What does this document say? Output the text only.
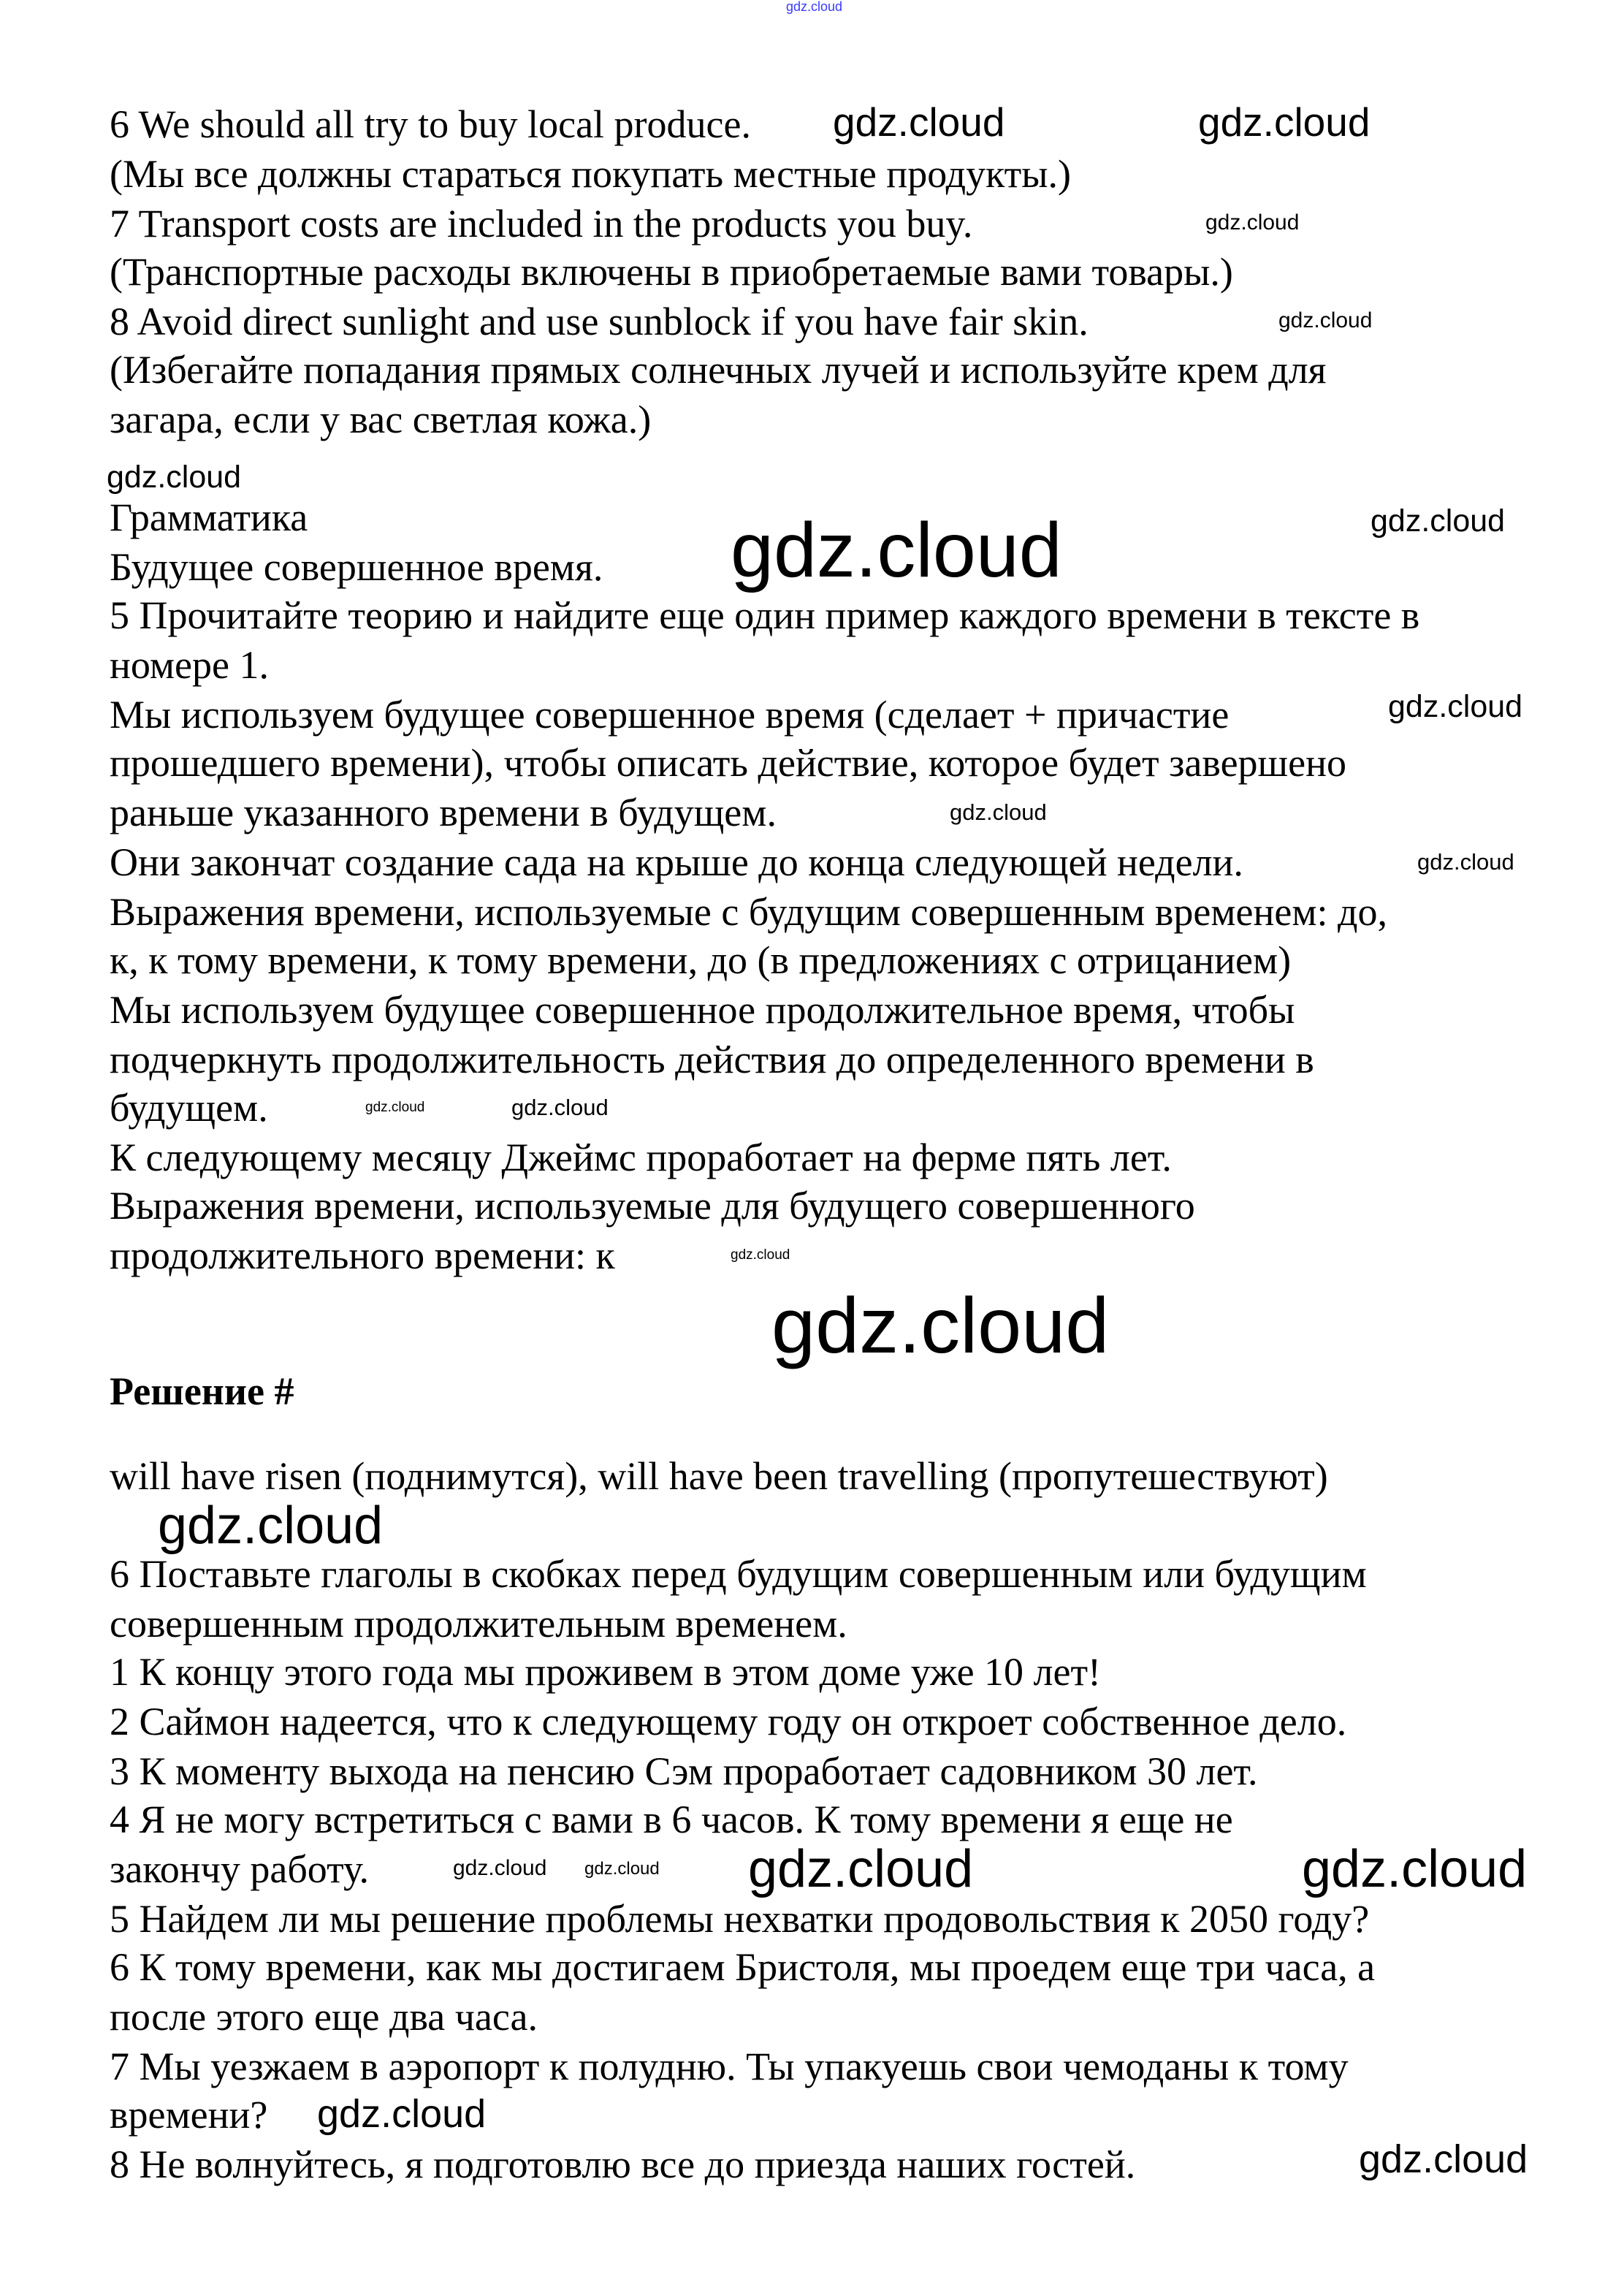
6 We should all try to buy local produce.
(Мы все должны стараться покупать местные продукты.)
7 Transport costs are included in the products you buy.
(Транспортные расходы включены в приобретаемые вами товары.)
8 Avoid direct sunlight and use sunblock if you have fair skin.
(Избегайте попадания прямых солнечных лучей и используйте крем для
загара, если у вас светлая кожа.)
Грамматика
Будущее совершенное время.
5 Прочитайте теорию и найдите еще один пример каждого времени в тексте в
номере 1.
Мы используем будущее совершенное время (сделает + причастие
прошедшего времени), чтобы описать действие, которое будет завершено
раньше указанного времени в будущем.
Они закончат создание сада на крыше до конца следующей недели.
Выражения времени, используемые с будущим совершенным временем: до,
к, к тому времени, к тому времени, до (в предложениях с отрицанием)
Мы используем будущее совершенное продолжительное время, чтобы
подчеркнуть продолжительность действия до определенного времени в
будущем.
К следующему месяцу Джеймс проработает на ферме пять лет.
Выражения времени, используемые для будущего совершенного
продолжительного времени: к
Решение #
will have risen (поднимутся), will have been travelling (пропутешествуют)
6 Поставьте глаголы в скобках перед будущим совершенным или будущим
совершенным продолжительным временем.
1 К концу этого года мы проживем в этом доме уже 10 лет!
2 Саймон надеется, что к следующему году он откроет собственное дело.
3 К моменту выхода на пенсию Сэм проработает садовником 30 лет.
4 Я не могу встретиться с вами в 6 часов. К тому времени я еще не
закончу работу.
5 Найдем ли мы решение проблемы нехватки продовольствия к 2050 году?
6 К тому времени, как мы достигаем Бристоля, мы проедем еще три часа, а
после этого еще два часа.
7 Мы уезжаем в аэропорт к полудню. Ты упакуешь свои чемоданы к тому
времени?
8 Не волнуйтесь, я подготовлю все до приезда наших гостей.
gdz.cloud
gdz.cloud	gdz.cloud
gdz.cloud
gdz.cloud
gdz.cloud
gdz.cloud
gdz.cloud
gdz.cloud
gdz.cloud
gdz.cloud
gdz.cloud	gdz.cloud
gdz.cloud
gdz.cloud
gdz.cloud
gdz.cloud gdz.cloud gdz.cloud	gdz.cloud
gdz.cloud
gdz.cloud
